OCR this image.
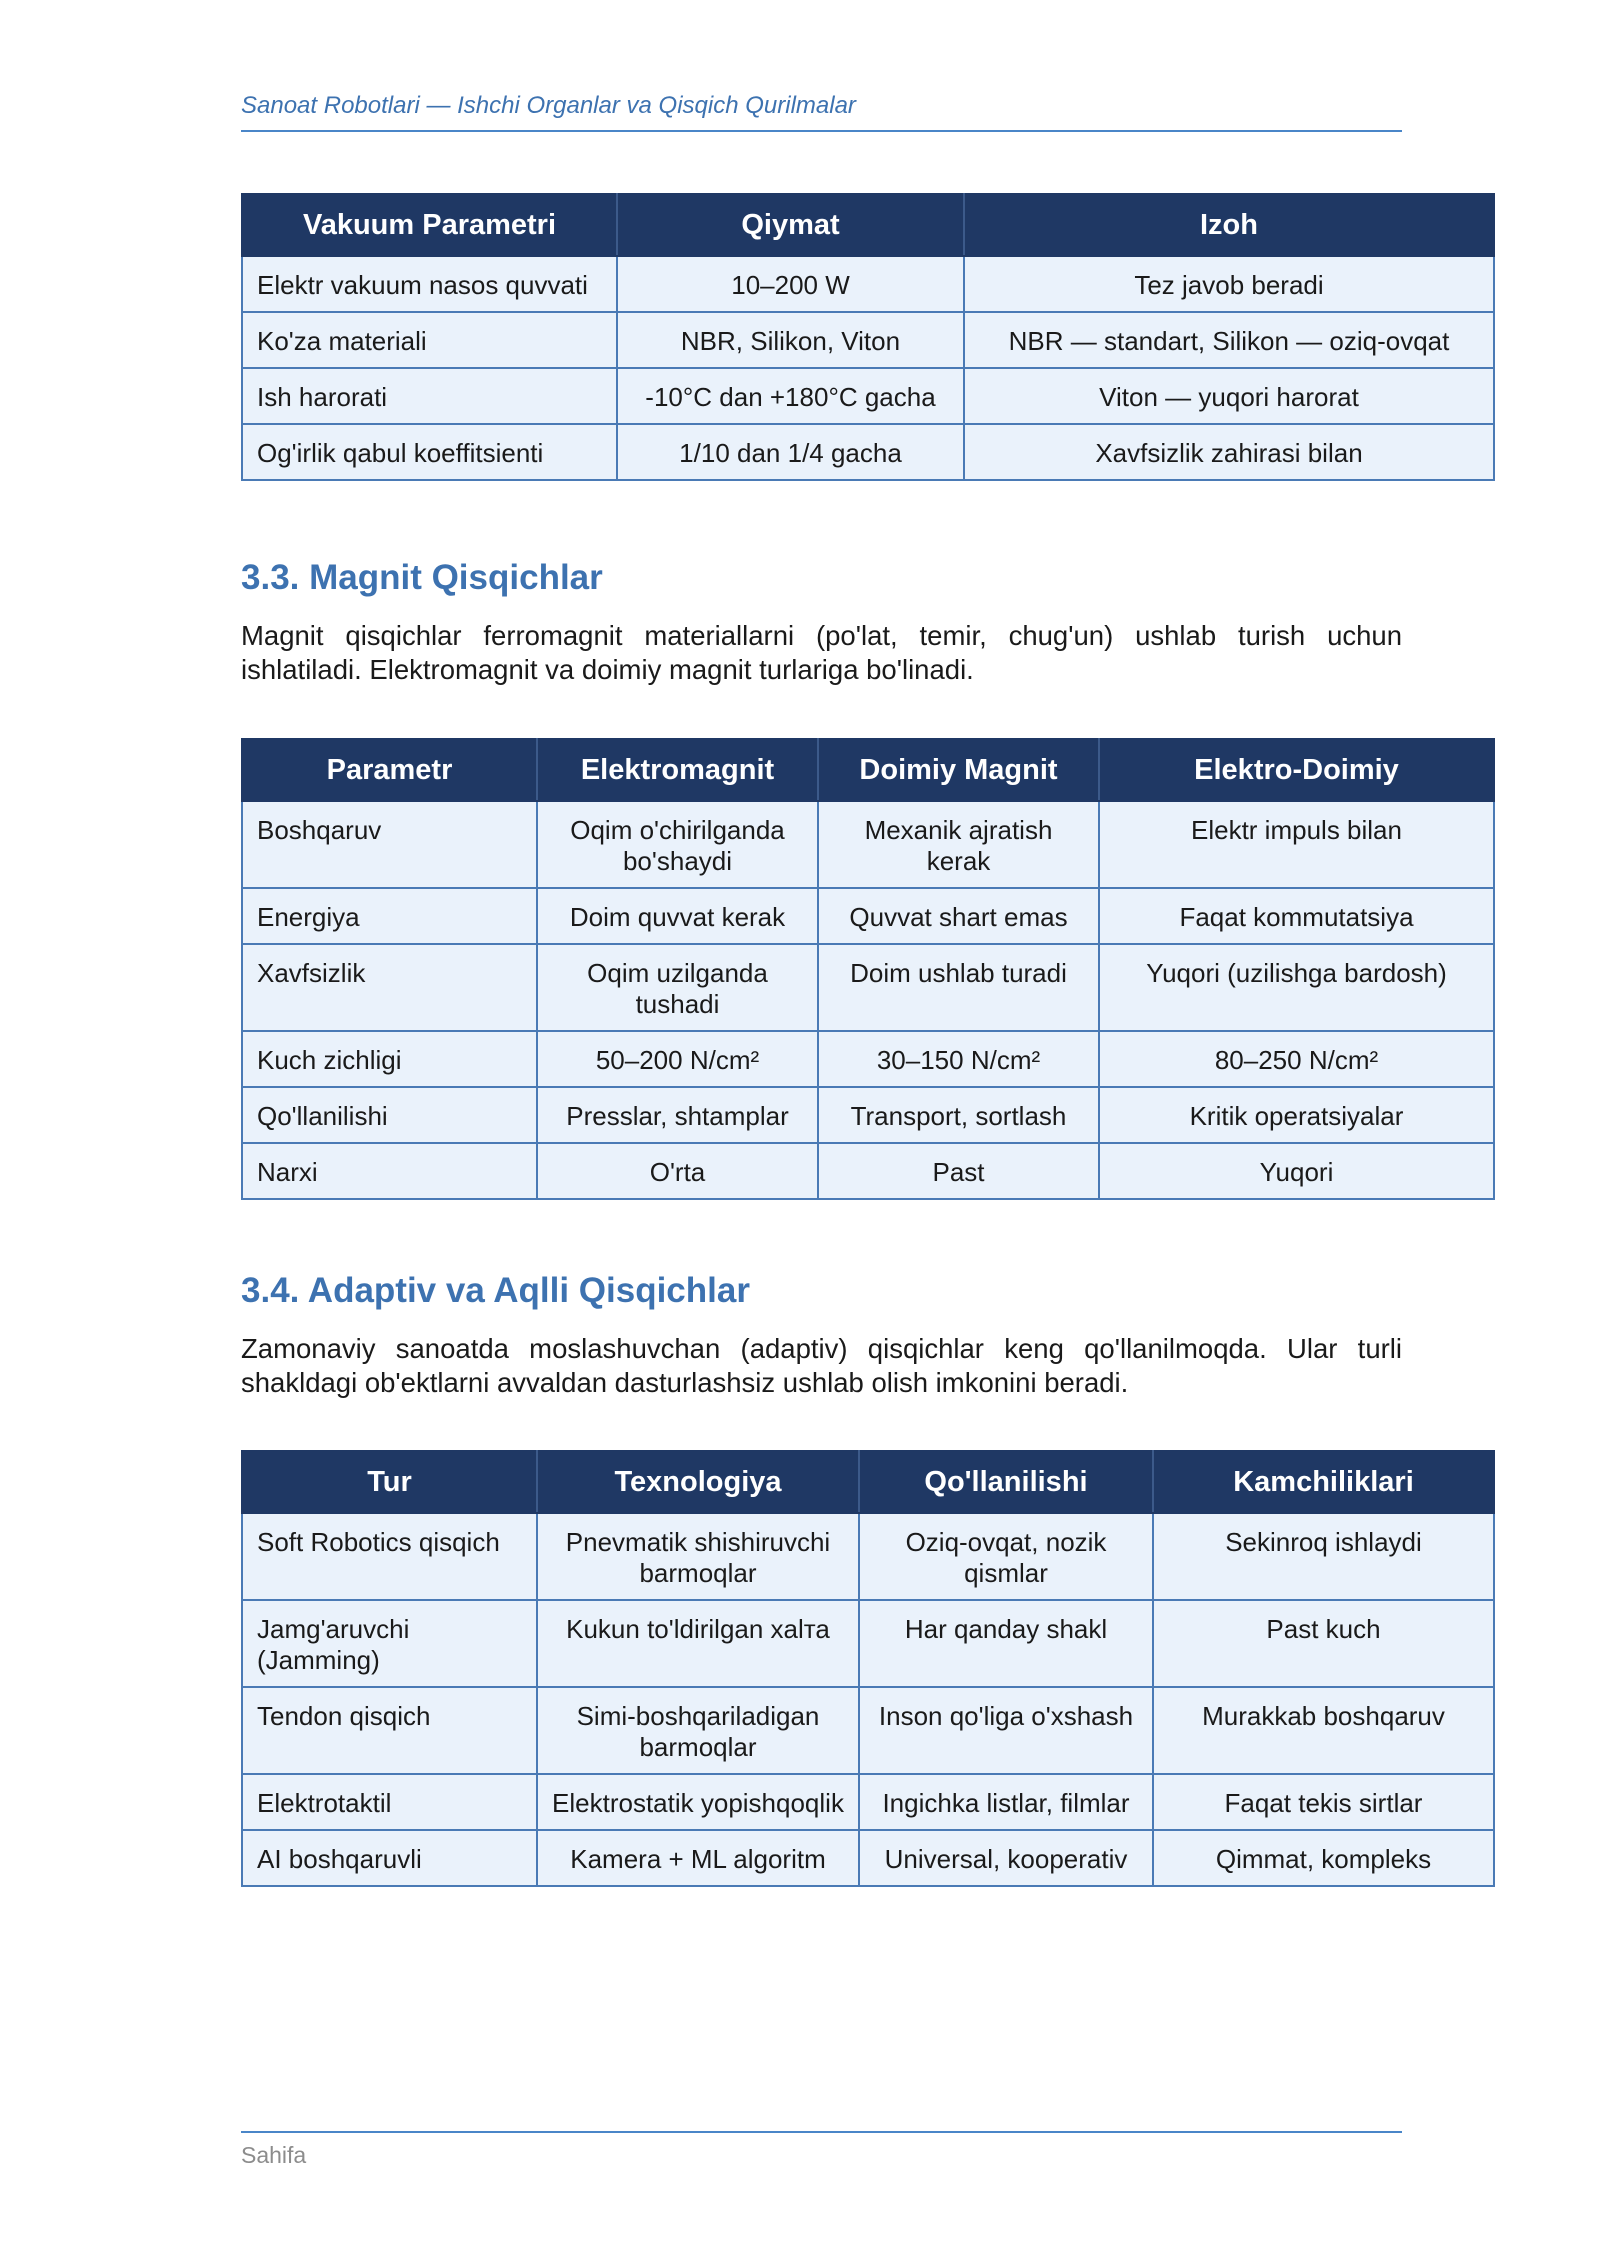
Sanoat Robotlari — Ishchi Organlar va Qisqich Qurilmalar
Vakuum Parametri	Qiymat	Izoh
Elektr vakuum nasos quvvati	10–200 W	Tez javob beradi
Ko'za materiali	NBR, Silikon, Viton	NBR — standart, Silikon — oziq-ovqat
Ish harorati	-10°C dan +180°C gacha	Viton — yuqori harorat
Og'irlik qabul koeffitsienti	1/10 dan 1/4 gacha	Xavfsizlik zahirasi bilan
3.3. Magnit Qisqichlar
Magnit qisqichlar ferromagnit materiallarni (po'lat, temir, chug'un) ushlab turish uchun ishlatiladi. Elektromagnit va doimiy magnit turlariga bo'linadi.
Parametr	Elektromagnit	Doimiy Magnit	Elektro-Doimiy
Boshqaruv	Oqim o'chirilganda bo'shaydi	Mexanik ajratish kerak	Elektr impuls bilan
Energiya	Doim quvvat kerak	Quvvat shart emas	Faqat kommutatsiya
Xavfsizlik	Oqim uzilganda tushadi	Doim ushlab turadi	Yuqori (uzilishga bardosh)
Kuch zichligi	50–200 N/cm²	30–150 N/cm²	80–250 N/cm²
Qo'llanilishi	Presslar, shtamplar	Transport, sortlash	Kritik operatsiyalar
Narxi	O'rta	Past	Yuqori
3.4. Adaptiv va Aqlli Qisqichlar
Zamonaviy sanoatda moslashuvchan (adaptiv) qisqichlar keng qo'llanilmoqda. Ular turli shakldagi ob'ektlarni avvaldan dasturlashsiz ushlab olish imkonini beradi.
Tur	Texnologiya	Qo'llanilishi	Kamchiliklari
Soft Robotics qisqich	Pnevmatik shishiruvchi barmoqlar	Oziq-ovqat, nozik qismlar	Sekinroq ishlaydi
Jamg'aruvchi (Jamming)	Kukun to'ldirilgan xalта	Har qanday shakl	Past kuch
Tendon qisqich	Simi-boshqariladigan barmoqlar	Inson qo'liga o'xshash	Murakkab boshqaruv
Elektrotaktil	Elektrostatik yopishqoqlik	Ingichka listlar, filmlar	Faqat tekis sirtlar
AI boshqaruvli	Kamera + ML algoritm	Universal, kooperativ	Qimmat, kompleks
Sahifa
